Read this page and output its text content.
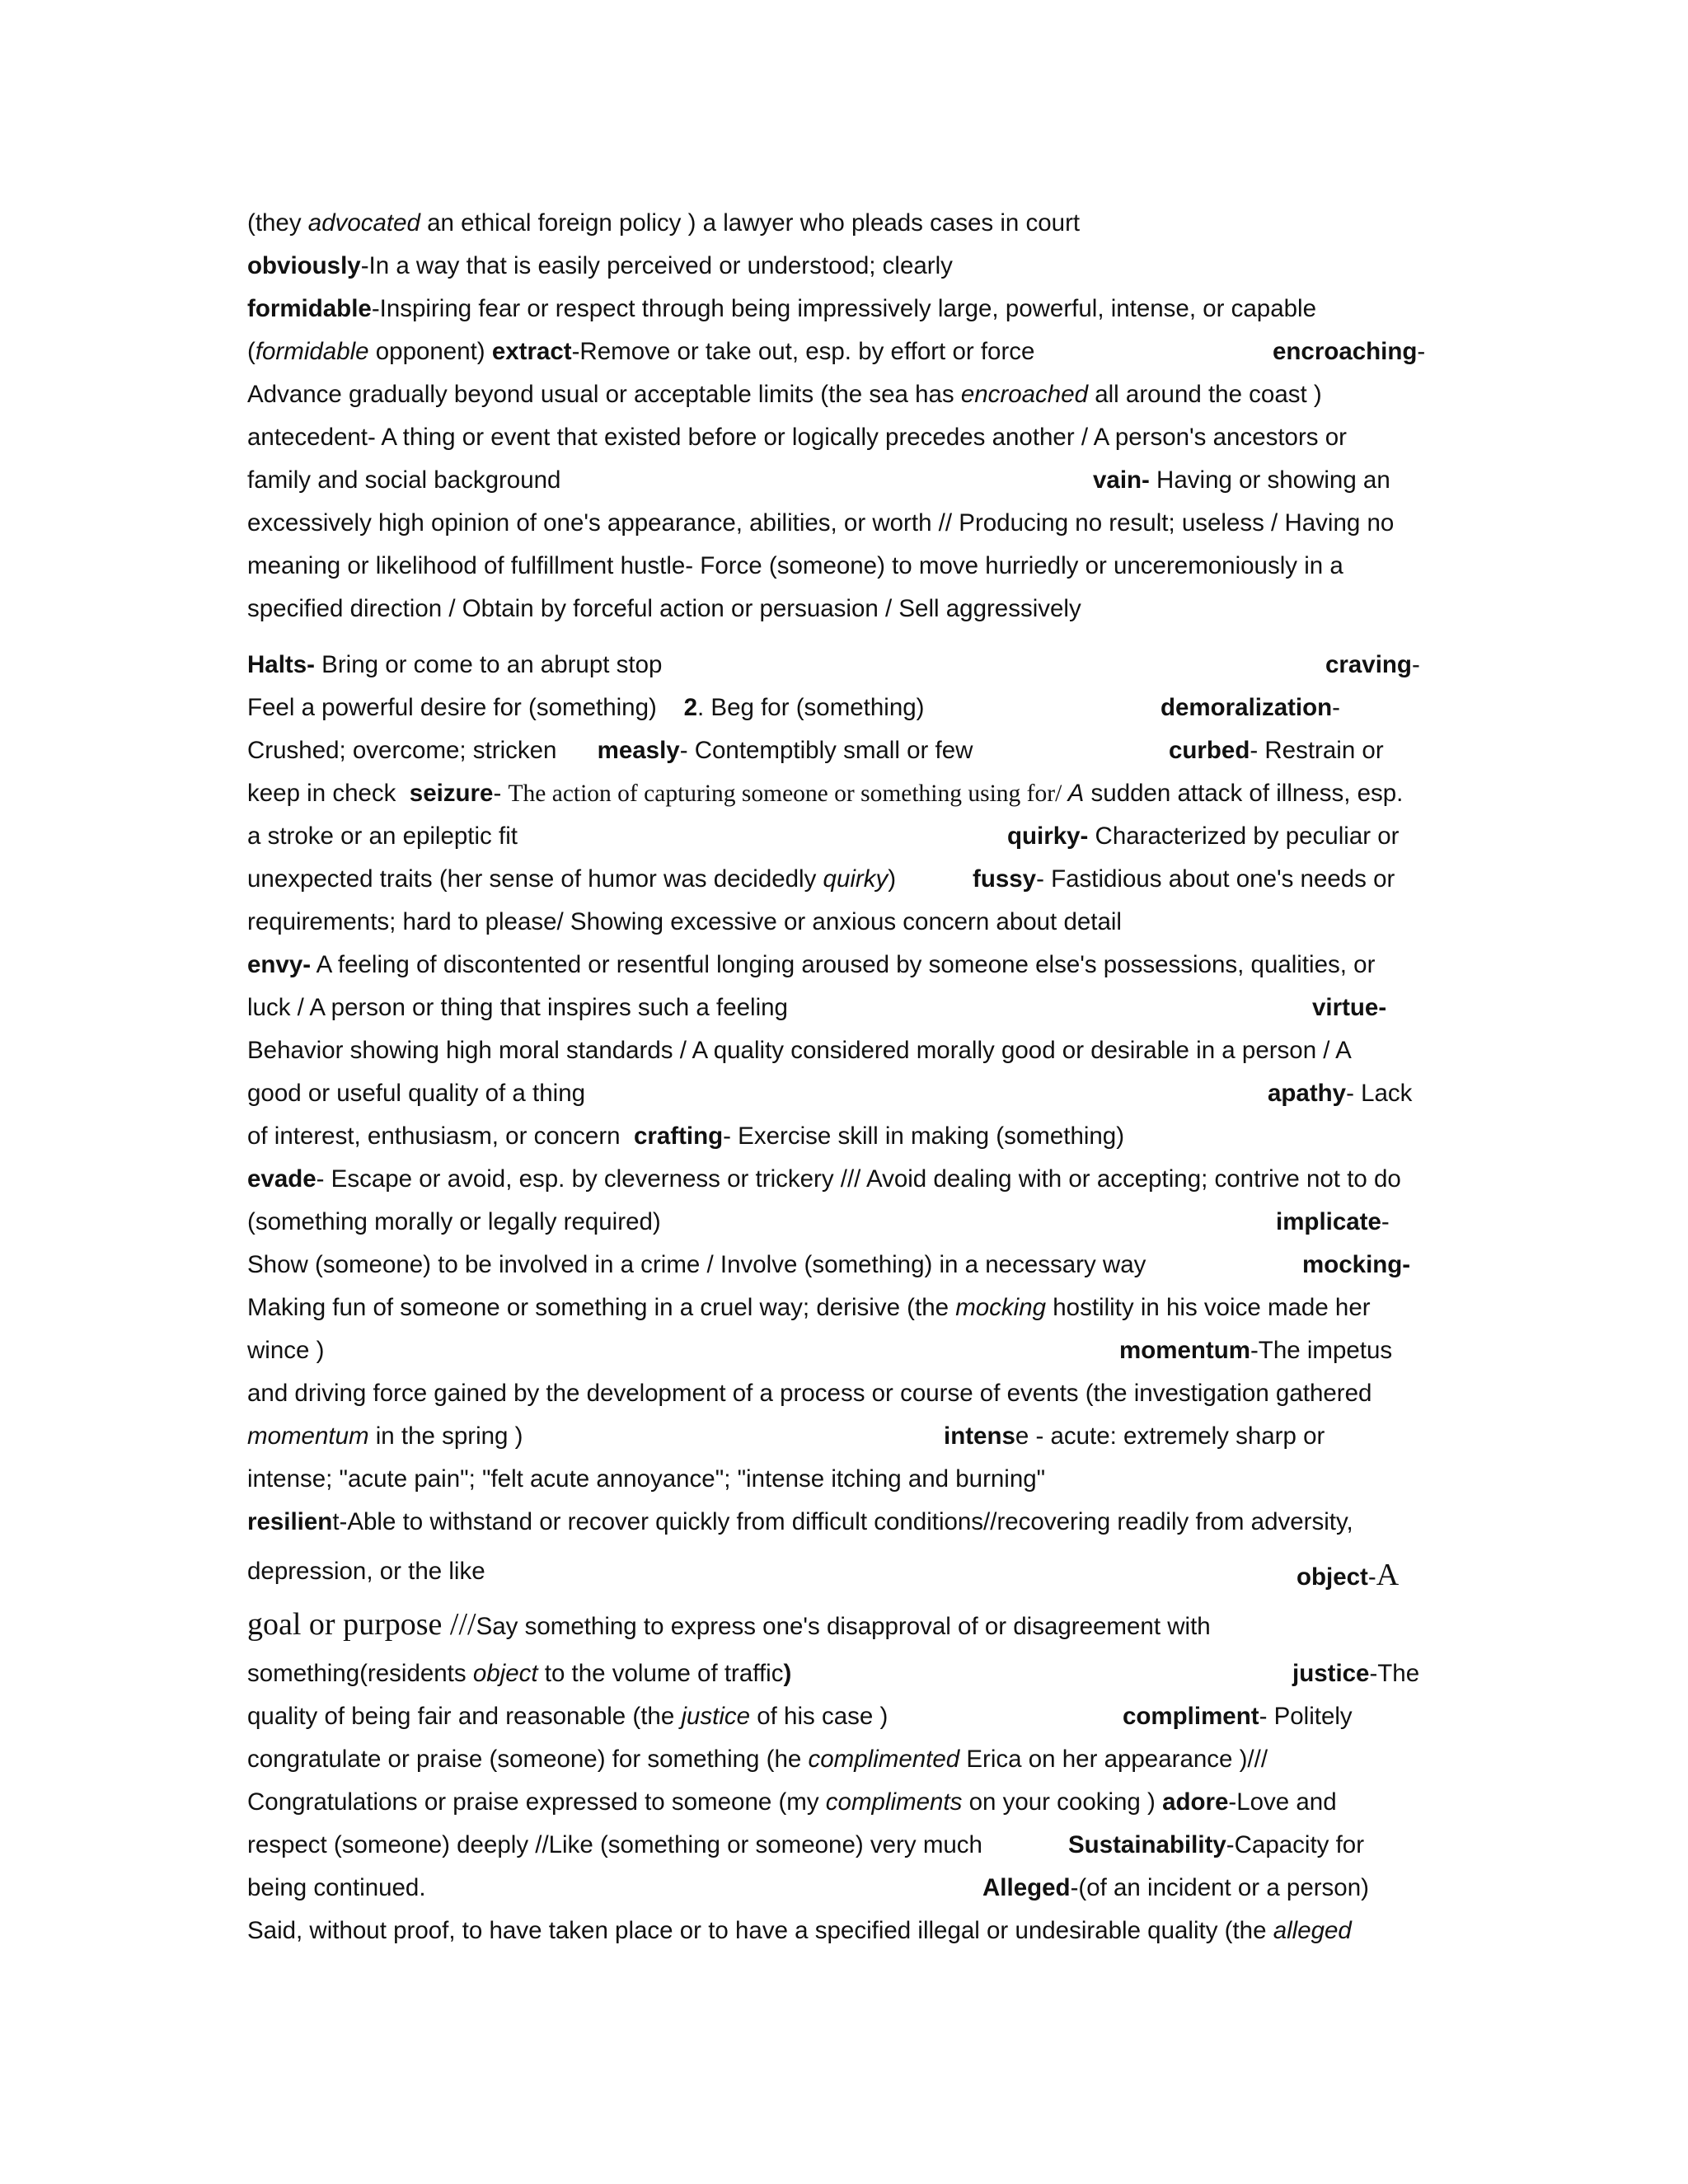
(they advocated an ethical foreign policy ) a lawyer who pleads cases in court
obviously-In a way that is easily perceived or understood; clearly
formidable-Inspiring fear or respect through being impressively large, powerful, intense, or capable
(formidable opponent) extract-Remove or take out, esp. by effort or force	encroaching-
Advance gradually beyond usual or acceptable limits (the sea has encroached all around the coast )
antecedent- A thing or event that existed before or logically precedes another / A person's ancestors or
family and social background	vain- Having or showing an
excessively high opinion of one's appearance, abilities, or worth // Producing no result; useless / Having no
meaning or likelihood of fulfillment hustle- Force (someone) to move hurriedly or unceremoniously in a
specified direction / Obtain by forceful action or persuasion / Sell aggressively
Halts- Bring or come to an abrupt stop	craving-
Feel a powerful desire for (something)    2. Beg for (something)	demoralization-
Crushed; overcome; stricken      measly- Contemptibly small or few	curbed- Restrain or
keep in check  seizure- The action of capturing someone or something using for/ A sudden attack of illness, esp.
a stroke or an epileptic fit	quirky- Characterized by peculiar or
unexpected traits (her sense of humor was decidedly quirky)	fussy- Fastidious about one's needs or
requirements; hard to please/ Showing excessive or anxious concern about detail
envy- A feeling of discontented or resentful longing aroused by someone else's possessions, qualities, or
luck / A person or thing that inspires such a feeling	virtue-
Behavior showing high moral standards / A quality considered morally good or desirable in a person / A
good or useful quality of a thing	apathy- Lack
of interest, enthusiasm, or concern  crafting- Exercise skill in making (something)
evade- Escape or avoid, esp. by cleverness or trickery /// Avoid dealing with or accepting; contrive not to do
(something morally or legally required)	implicate-
Show (someone) to be involved in a crime / Involve (something) in a necessary way	mocking-
Making fun of someone or something in a cruel way; derisive (the mocking hostility in his voice made her
wince )	momentum-The impetus
and driving force gained by the development of a process or course of events (the investigation gathered
momentum in the spring )	intense - acute: extremely sharp or
intense; "acute pain"; "felt acute annoyance"; "intense itching and burning"
resilient-Able to withstand or recover quickly from difficult conditions//recovering readily from adversity,
depression, or the like	object-A
goal or purpose ///Say something to express one's disapproval of or disagreement with
something(residents object to the volume of traffic)	justice-The
quality of being fair and reasonable (the justice of his case )	compliment- Politely
congratulate or praise (someone) for something (he complimented Erica on her appearance )///
Congratulations or praise expressed to someone (my compliments on your cooking ) adore-Love and
respect (someone) deeply //Like (something or someone) very much	Sustainability-Capacity for
being continued.	Alleged-(of an incident or a person)
Said, without proof, to have taken place or to have a specified illegal or undesirable quality (the alleged
